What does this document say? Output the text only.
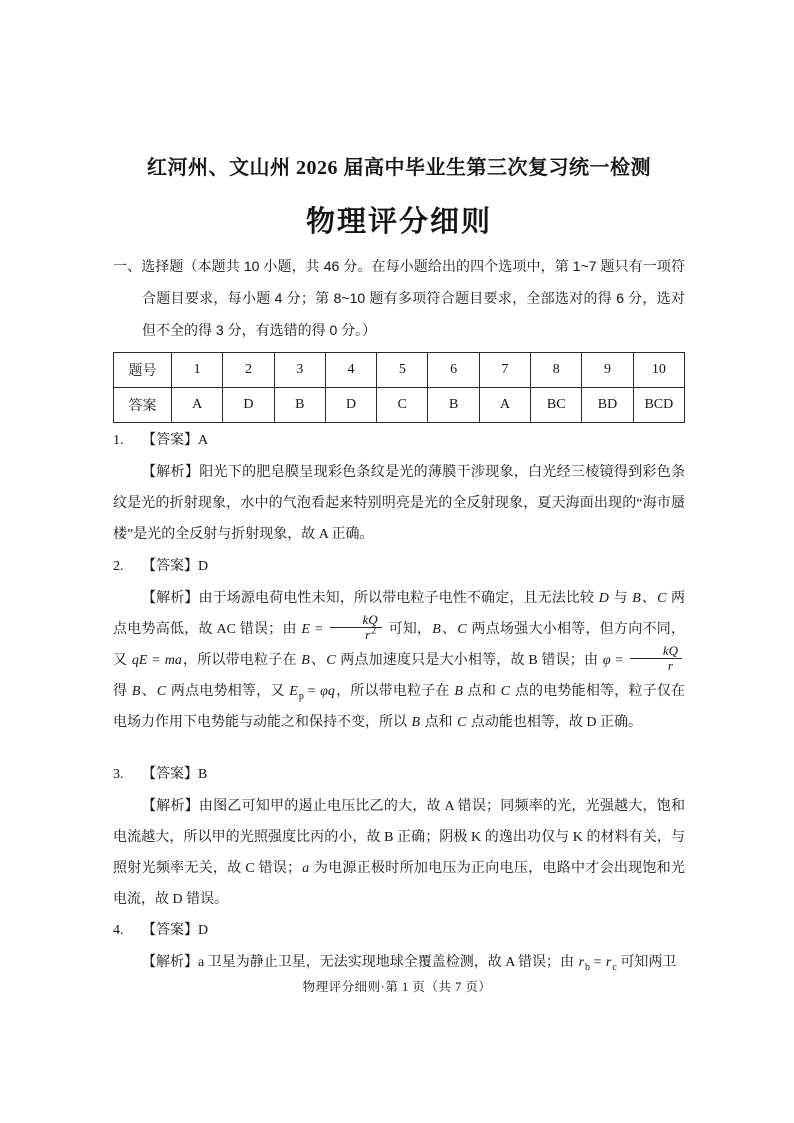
红河州、文山州 2026 届高中毕业生第三次复习统一检测
物理评分细则
一、选择题（本题共 10 小题，共 46 分。在每小题给出的四个选项中，第 1~7 题只有一项符合题目要求，每小题 4 分；第 8~10 题有多项符合题目要求，全部选对的得 6 分，选对但不全的得 3 分，有选错的得 0 分。）
题号	1	2	3	4	5	6	7	8	9	10
答案	A	D	B	D	C	B	A	BC	BD	BCD

1. 【答案】A

【解析】阳光下的肥皂膜呈现彩色条纹是光的薄膜干涉现象，白光经三棱镜得到彩色条纹是光的折射现象，水中的气泡看起来特别明亮是光的全反射现象，夏天海面出现的“海市蜃楼”是光的全反射与折射现象，故 A 正确。

2. 【答案】D

【解析】由于场源电荷电性未知，所以带电粒子电性不确定，且无法比较 D 与 B、C 两点电势高低，故 AC 错误；由 $E = \frac{kQ}{r^2}$ 可知，B、C 两点场强大小相等，但方向不同，又 qE = ma，所以带电粒子在 B、C 两点加速度只是大小相等，故 B 错误；由 $\varphi = \frac{kQ}{r}$
得 B、C 两点电势相等，又 $E_p = \varphi q$，所以带电粒子在 B 点和 C 点的电势能相等，粒子仅在电场力作用下电势能与动能之和保持不变，所以 B 点和 C 点动能也相等，故 D 正确。

3. 【答案】B

【解析】由图乙可知甲的遏止电压比乙的大，故 A 错误；同频率的光，光强越大，饱和电流越大，所以甲的光照强度比丙的小，故 B 正确；阴极 K 的逸出功仅与 K 的材料有关，与照射光频率无关，故 C 错误；a 为电源正极时所加电压为正向电压，电路中才会出现饱和光电流，故 D 错误。

4. 【答案】D

【解析】a 卫星为静止卫星，无法实现地球全覆盖检测，故 A 错误；由 $r_b = r_c$ 可知两卫

物理评分细则·第 1 页（共 7 页）
